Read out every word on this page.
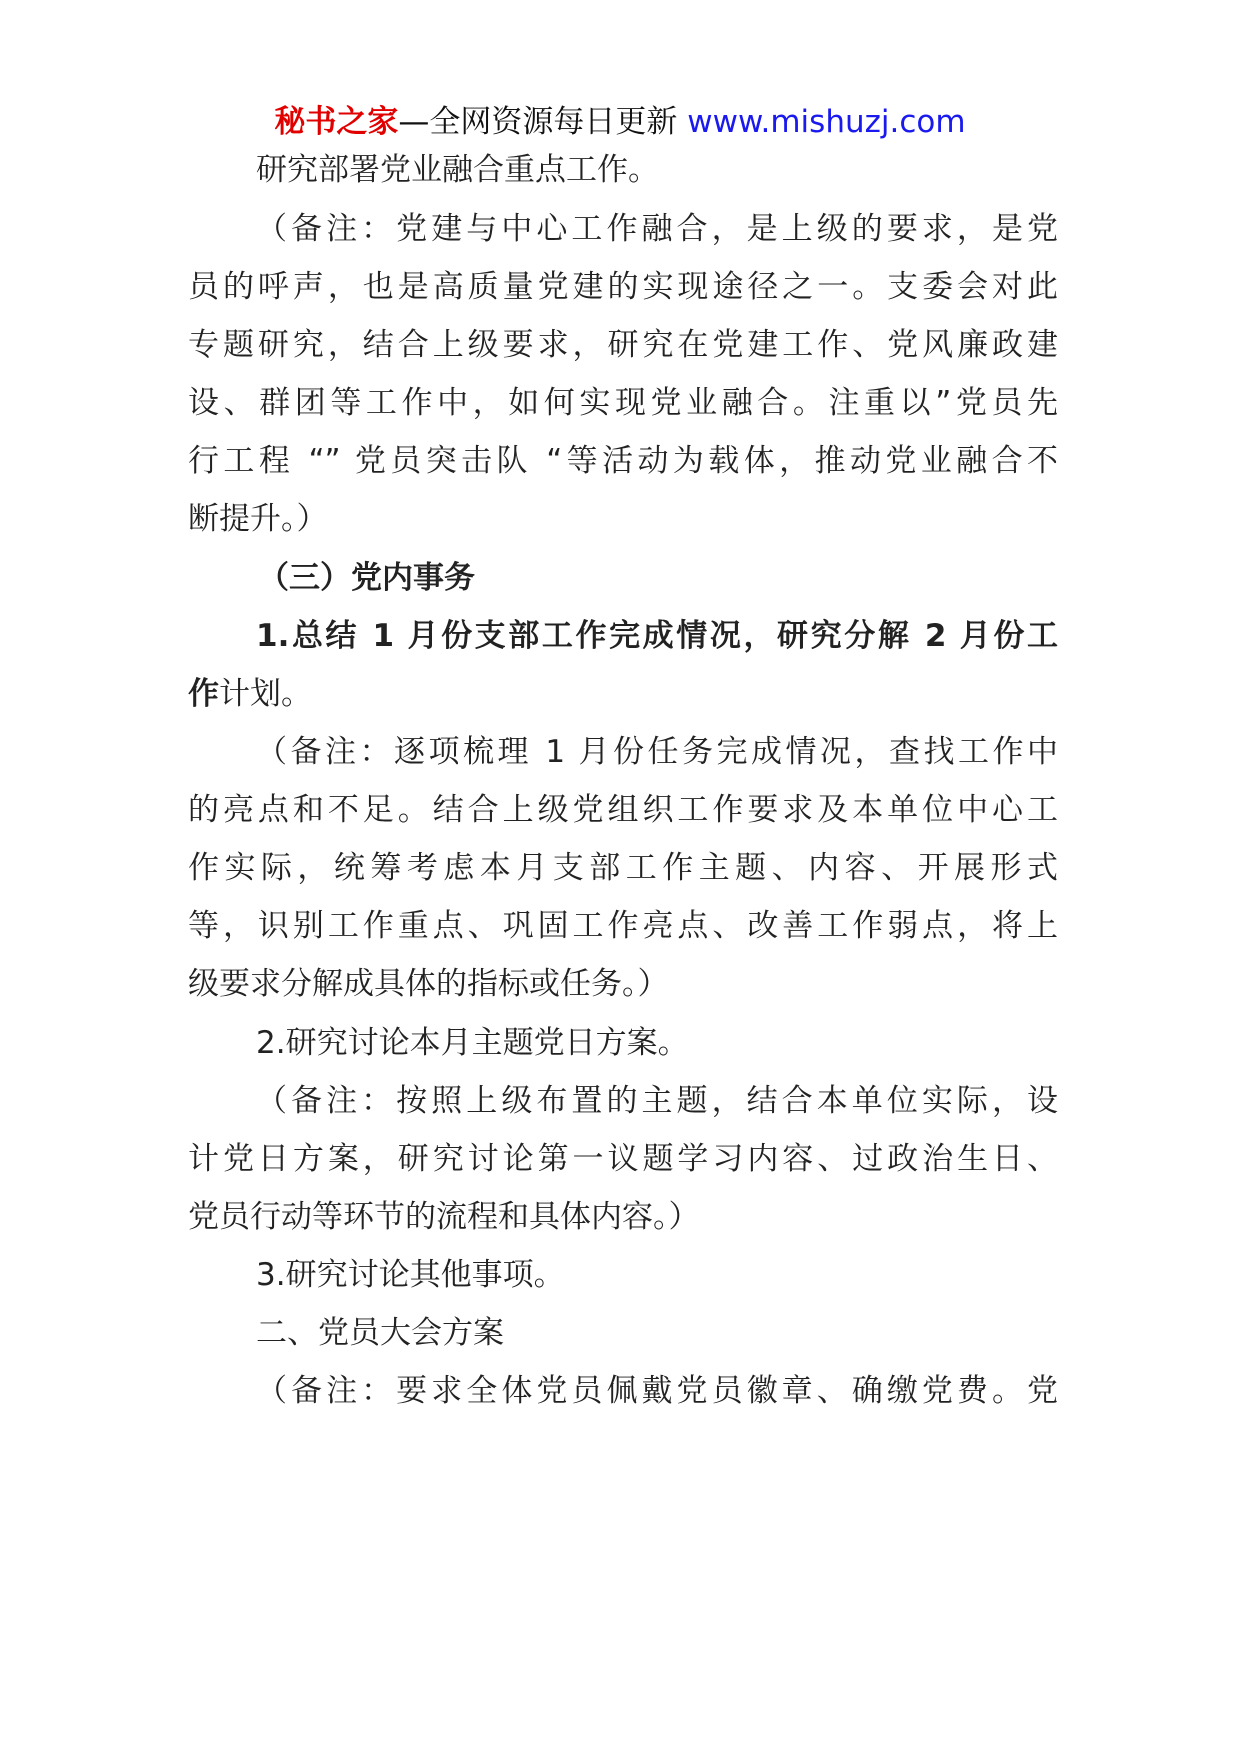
秘书之家—全网资源每日更新 www.mishuzj.com
研究部署党业融合重点工作。
（备注：党建与中心工作融合，是上级的要求，是党
员的呼声，也是高质量党建的实现途径之一。支委会对此
专题研究，结合上级要求，研究在党建工作、党风廉政建
设、群团等工作中，如何实现党业融合。注重以”党员先
行工程 “” 党员突击队 “等活动为载体，推动党业融合不
断提升。）
（三）党内事务
1.总结 1 月份支部工作完成情况，研究分解 2 月份工
作计划。
（备注：逐项梳理 1 月份任务完成情况，查找工作中
的亮点和不足。结合上级党组织工作要求及本单位中心工
作实际，统筹考虑本月支部工作主题、内容、开展形式
等，识别工作重点、巩固工作亮点、改善工作弱点，将上
级要求分解成具体的指标或任务。）
2.研究讨论本月主题党日方案。
（备注：按照上级布置的主题，结合本单位实际，设
计党日方案，研究讨论第一议题学习内容、过政治生日、
党员行动等环节的流程和具体内容。）
3.研究讨论其他事项。
二、党员大会方案
（备注：要求全体党员佩戴党员徽章、确缴党费。党
